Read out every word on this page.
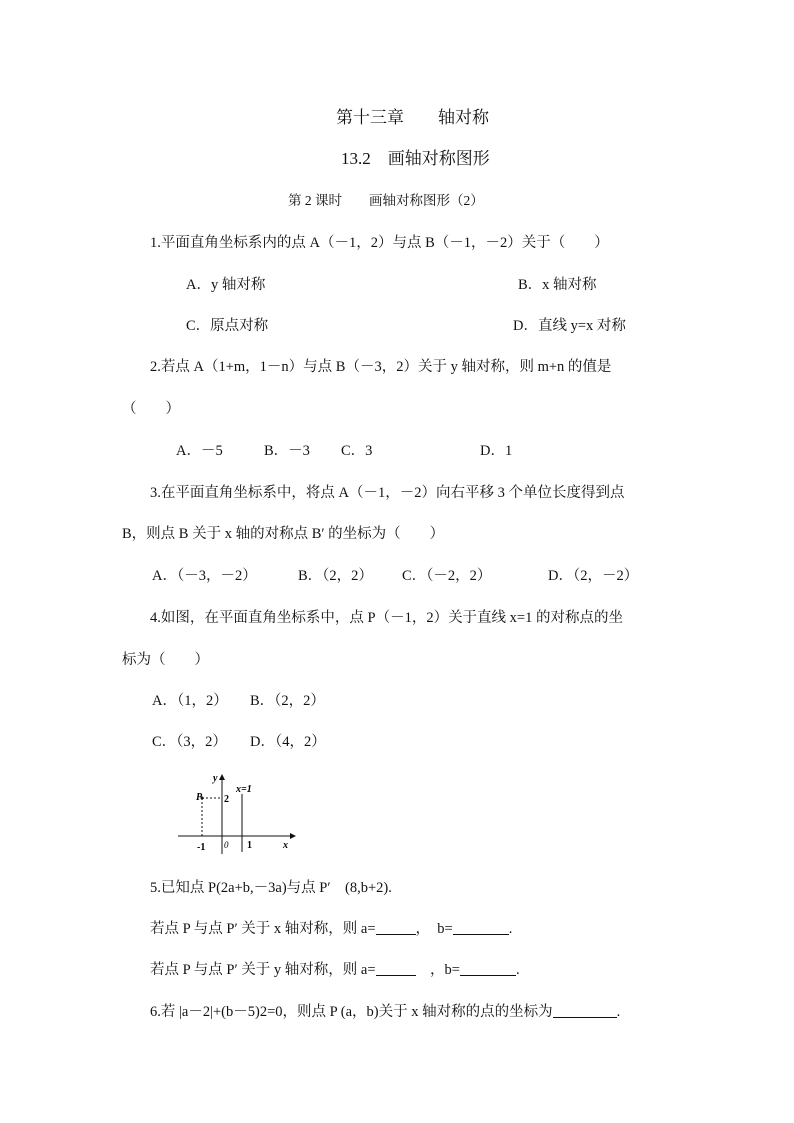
第十三章　　轴对称
13.2　画轴对称图形
第 2 课时　　画轴对称图形（2）
1.平面直角坐标系内的点 A（－1，2）与点 B（－1，－2）关于（　　）
A．y 轴对称	B．x 轴对称
C．原点对称	D．直线 y=x 对称
2.若点 A（1+m，1－n）与点 B（－3，2）关于 y 轴对称，则 m+n 的值是
（　　）
A．－5	B．－3 C．3	D．1
3.在平面直角坐标系中，将点 A（－1，－2）向右平移 3 个单位长度得到点
B，则点 B 关于 x 轴的对称点 B′ 的坐标为（　　）
A．（－3，－2）	B．（2，2） C．（－2，2）	D．（2，－2）
4.如图，在平面直角坐标系中，点 P（－1，2）关于直线 x=1 的对称点的坐
标为（　　）
A．（1，2） B．（2，2）
C．（3，2） D．（4，2）
y
x
x=1
P 2
-1 0 1
5.已知点 P(2a+b,－3a)与点 P′　(8,b+2).
若点 P 与点 P′ 关于 x 轴对称，则 a=	，　b=	.
若点 P 与点 P′ 关于 y 轴对称，则 a=	　，b=	.
6.若 |a－2|+(b－5)2=0，则点 P (a，b)关于 x 轴对称的点的坐标为	.
